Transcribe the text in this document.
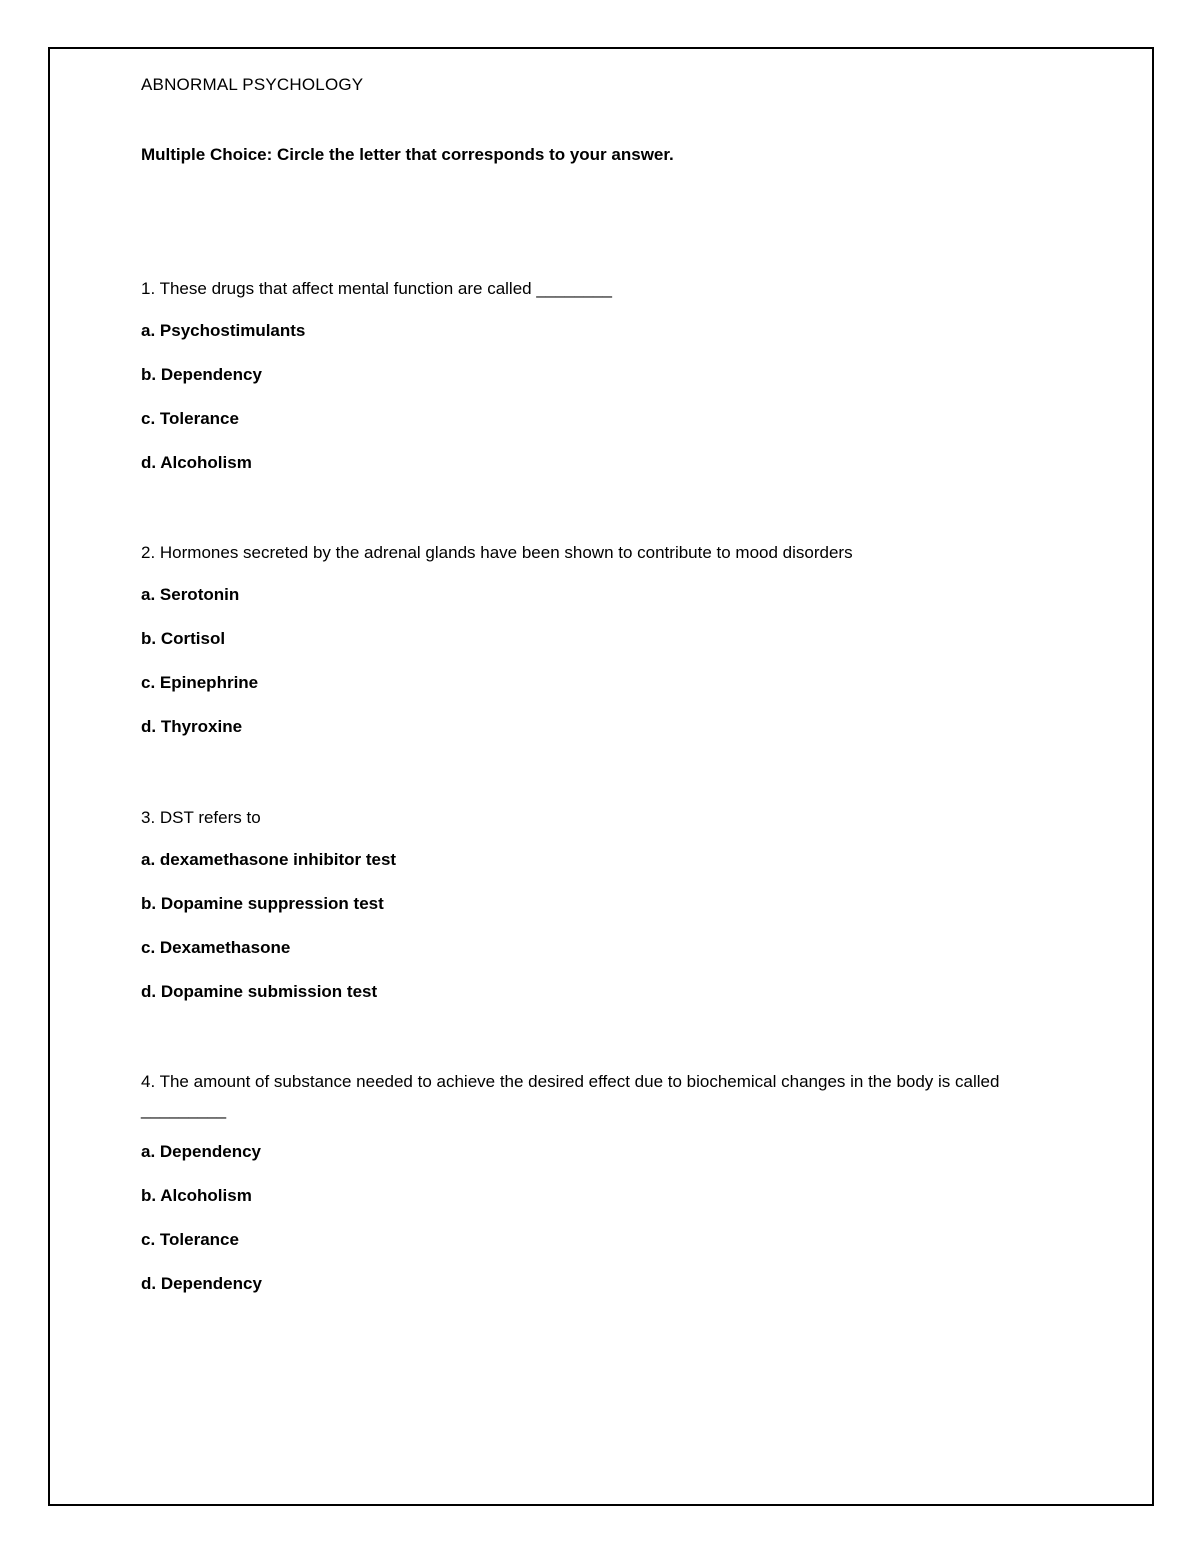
ABNORMAL PSYCHOLOGY
Multiple Choice: Circle the letter that corresponds to your answer.
1. These drugs that affect mental function are called ________
a. Psychostimulants
b. Dependency
c. Tolerance
d. Alcoholism
2. Hormones secreted by the adrenal glands have been shown to contribute to mood disorders
a. Serotonin
b. Cortisol
c. Epinephrine
d. Thyroxine
3. DST refers to
a. dexamethasone inhibitor test
b. Dopamine suppression test
c. Dexamethasone
d. Dopamine submission test
4. The amount of substance needed to achieve the desired effect due to biochemical changes in the body is called _________
a. Dependency
b. Alcoholism
c. Tolerance
d. Dependency
